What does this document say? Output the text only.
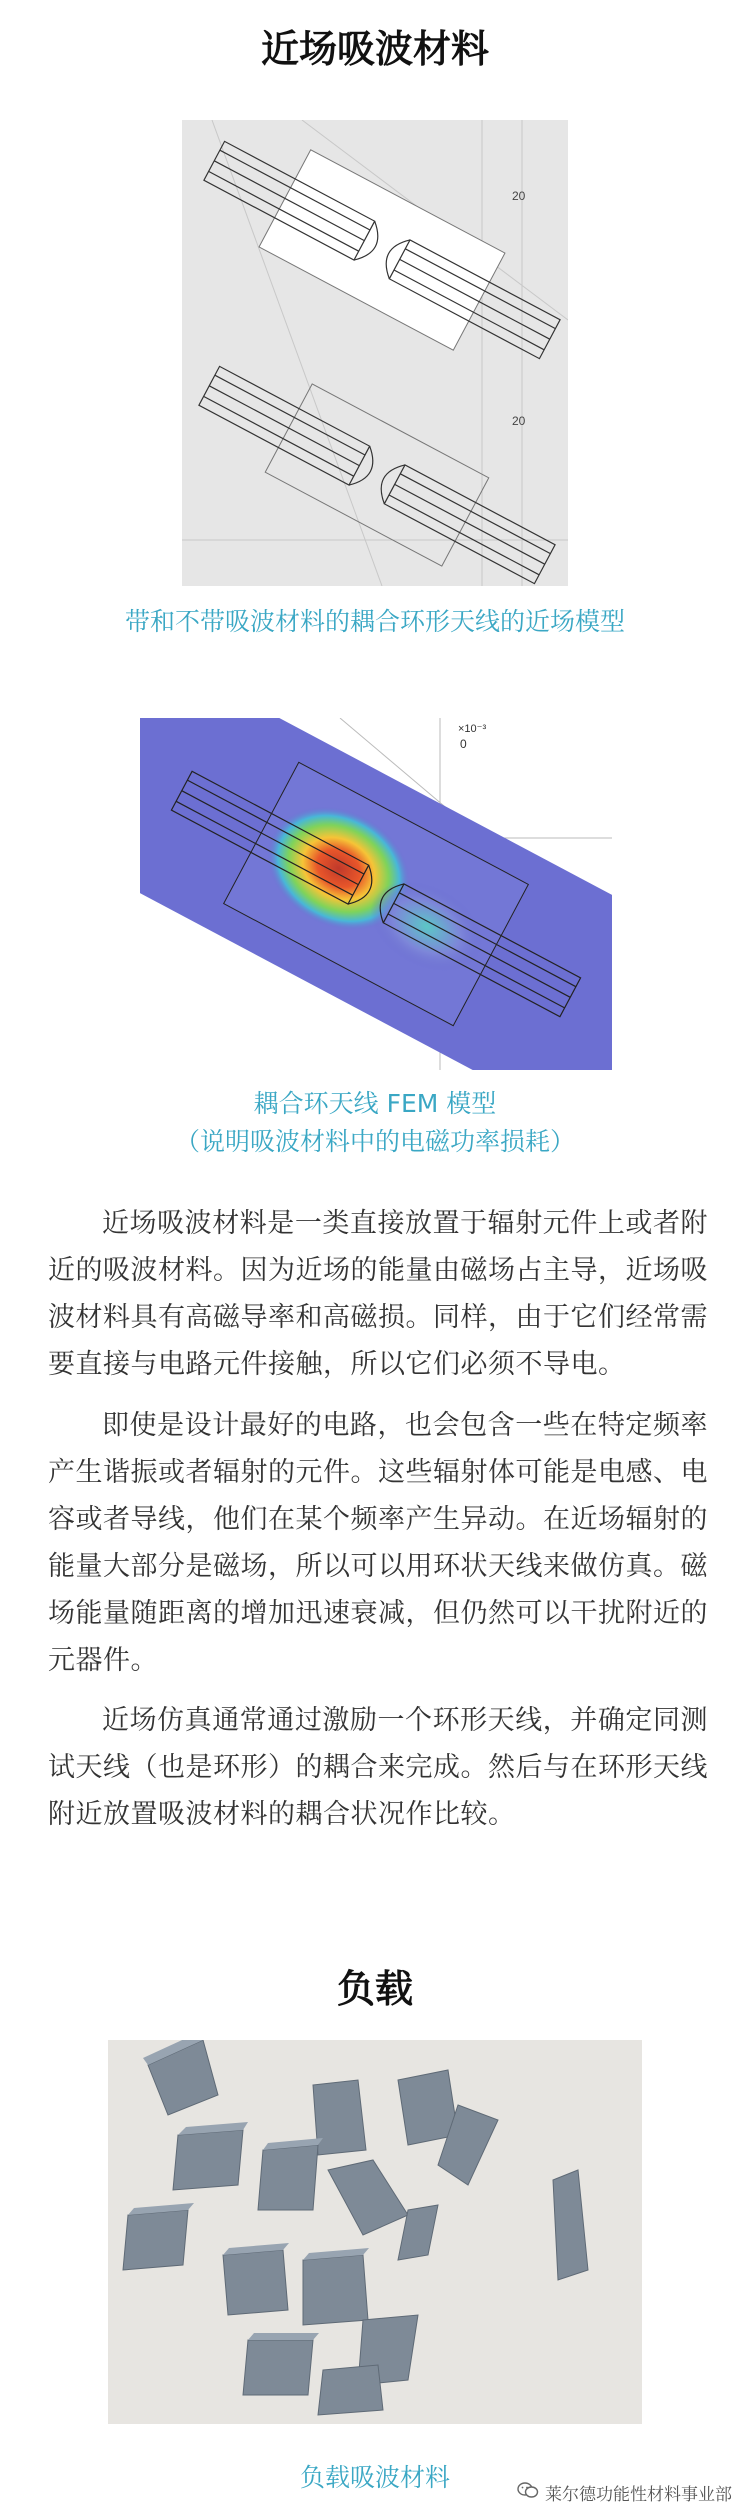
近场吸波材料
20
20

带和不带吸波材料的耦合环形天线的近场模型

×10⁻³
0

耦合环天线 FEM 模型

（说明吸波材料中的电磁功率损耗）

近场吸波材料是一类直接放置于辐射元件上或者附近的吸波材料。因为近场的能量由磁场占主导，近场吸波材料具有高磁导率和高磁损。同样，由于它们经常需要直接与电路元件接触，所以它们必须不导电。

即使是设计最好的电路，也会包含一些在特定频率产生谐振或者辐射的元件。这些辐射体可能是电感、电容或者导线，他们在某个频率产生异动。在近场辐射的能量大部分是磁场，所以可以用环状天线来做仿真。磁场能量随距离的增加迅速衰减，但仍然可以干扰附近的元器件。

近场仿真通常通过激励一个环形天线，并确定同测试天线（也是环形）的耦合来完成。然后与在环形天线附近放置吸波材料的耦合状况作比较。

负载

负载吸波材料

莱尔德功能性材料事业部
